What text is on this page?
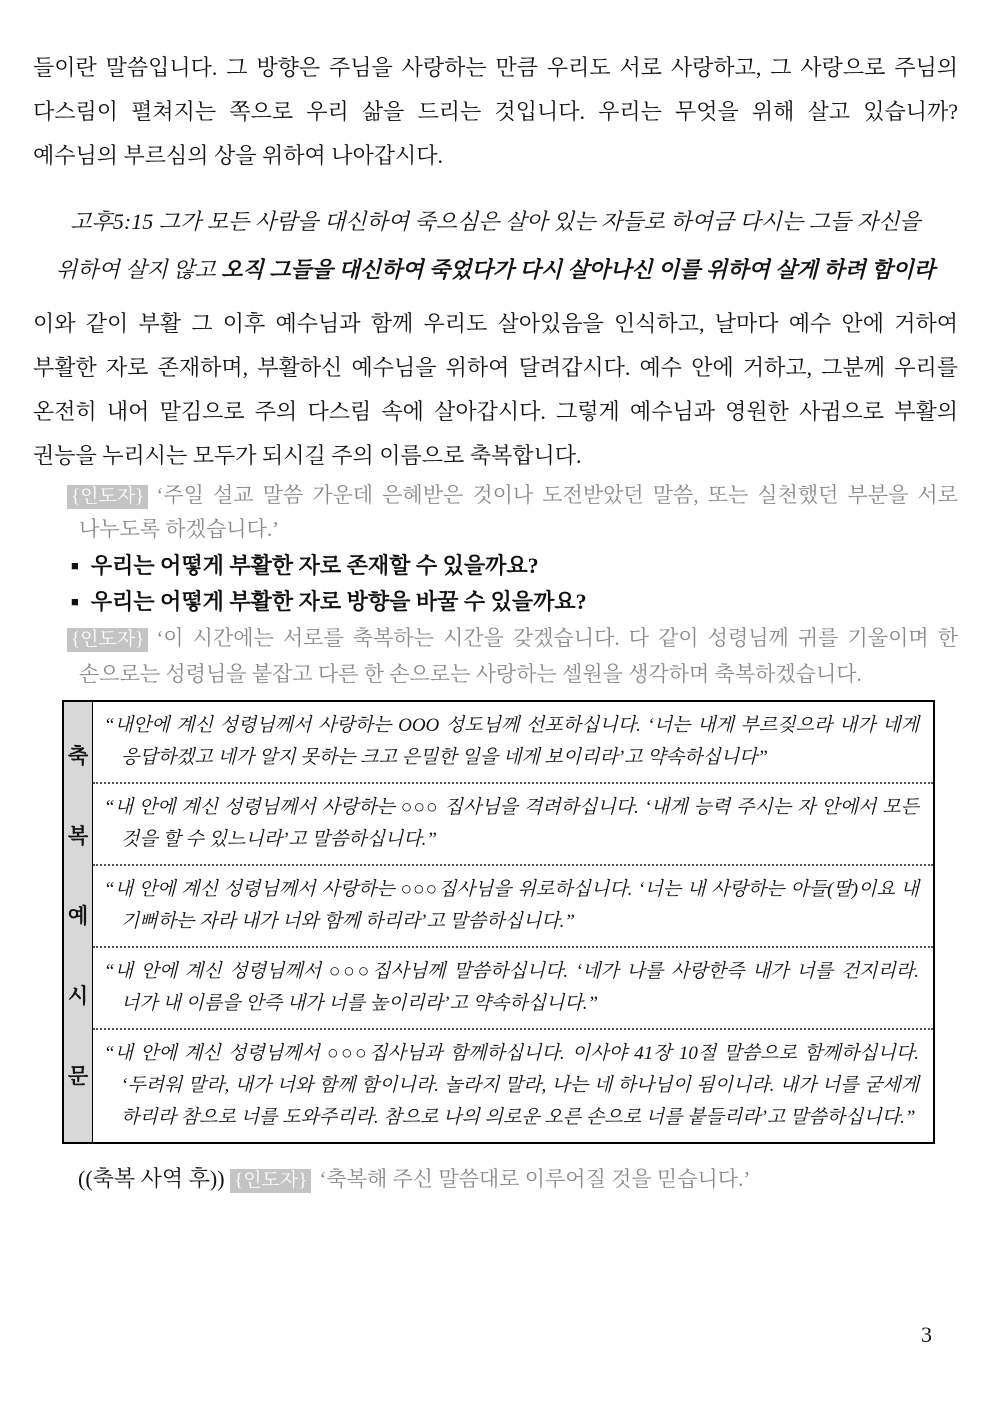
들이란 말씀입니다. 그 방향은 주님을 사랑하는 만큼 우리도 서로 사랑하고, 그 사랑으로 주님의 다스림이 펼쳐지는 쪽으로 우리 삶을 드리는 것입니다. 우리는 무엇을 위해 살고 있습니까? 예수님의 부르심의 상을 위하여 나아갑시다.

고후5:15 그가 모든 사람을 대신하여 죽으심은 살아 있는 자들로 하여금 다시는 그들 자신을 위하여 살지 않고 오직 그들을 대신하여 죽었다가 다시 살아나신 이를 위하여 살게 하려 함이라

이와 같이 부활 그 이후 예수님과 함께 우리도 살아있음을 인식하고, 날마다 예수 안에 거하여 부활한 자로 존재하며, 부활하신 예수님을 위하여 달려갑시다. 예수 안에 거하고, 그분께 우리를 온전히 내어 맡김으로 주의 다스림 속에 살아갑시다. 그렇게 예수님과 영원한 사귐으로 부활의 권능을 누리시는 모두가 되시길 주의 이름으로 축복합니다.

{인도자} ‘주일 설교 말씀 가운데 은혜받은 것이나 도전받았던 말씀, 또는 실천했던 부분을 서로 나누도록 하겠습니다.’

■ 우리는 어떻게 부활한 자로 존재할 수 있을까요?
■ 우리는 어떻게 부활한 자로 방향을 바꿀 수 있을까요?

{인도자} ‘이 시간에는 서로를 축복하는 시간을 갖겠습니다. 다 같이 성령님께 귀를 기울이며 한 손으로는 성령님을 붙잡고 다른 한 손으로는 사랑하는 셀원을 생각하며 축복하겠습니다.

축복예시문
“내안에 계신 성령님께서 사랑하는 OOO 성도님께 선포하십니다. ‘너는 내게 부르짖으라 내가 네게 응답하겠고 네가 알지 못하는 크고 은밀한 일을 네게 보이리라’고 약속하십니다”
“내 안에 계신 성령님께서 사랑하는 ○○○ 집사님을 격려하십니다. ‘내게 능력 주시는 자 안에서 모든 것을 할 수 있느니라’고 말씀하십니다.”
“내 안에 계신 성령님께서 사랑하는 ○○○집사님을 위로하십니다. ‘너는 내 사랑하는 아들(딸)이요 내 기뻐하는 자라 내가 너와 함께 하리라’고 말씀하십니다.”
“내 안에 계신 성령님께서 ○○○집사님께 말씀하십니다. ‘네가 나를 사랑한즉 내가 너를 건지리라. 너가 내 이름을 안즉 내가 너를 높이리라’고 약속하십니다.”
“내 안에 계신 성령님께서 ○○○집사님과 함께하십니다. 이사야 41장 10절 말씀으로 함께하십니다. ‘두려워 말라, 내가 너와 함께 함이니라. 놀라지 말라, 나는 네 하나님이 됨이니라. 내가 너를 굳세게 하리라 참으로 너를 도와주리라. 참으로 나의 의로운 오른 손으로 너를 붙들리라’고 말씀하십니다.”

((축복 사역 후)) {인도자} ‘축복해 주신 말씀대로 이루어질 것을 믿습니다.’

3
